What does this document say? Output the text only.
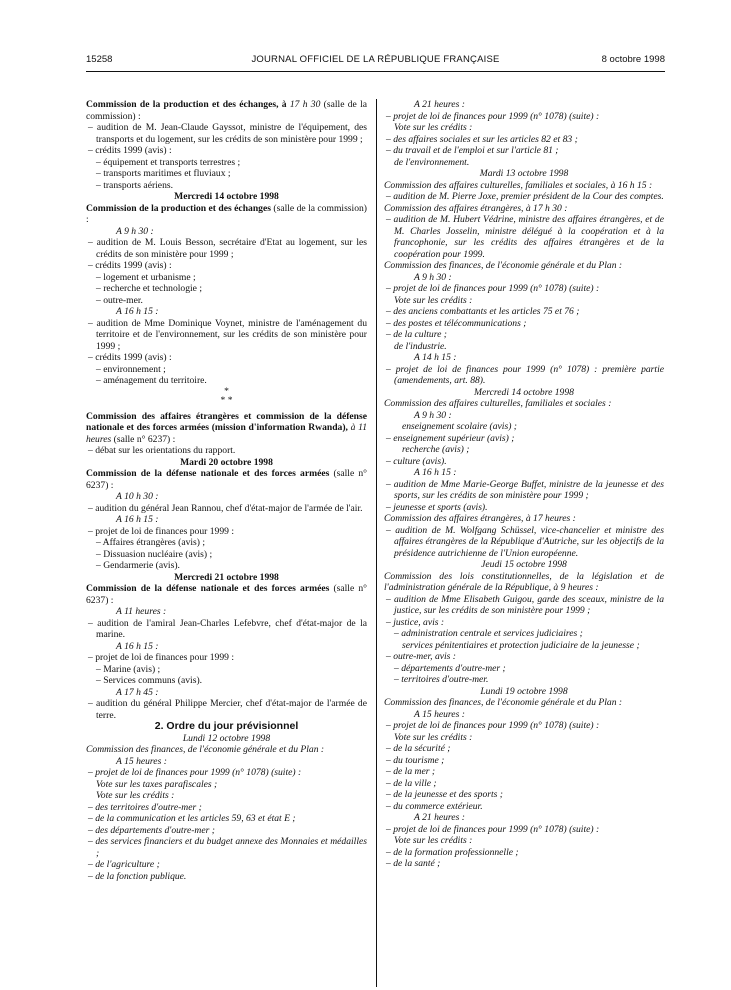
15258	JOURNAL OFFICIEL DE LA RÉPUBLIQUE FRANÇAISE	8 octobre 1998

Commission de la production et des échanges, à 17 h 30 (salle de la commission) :

– audition de M. Jean-Claude Gayssot, ministre de l'équipement, des transports et du logement, sur les crédits de son ministère pour 1999 ;

– crédits 1999 (avis) :

– équipement et transports terrestres ;

– transports maritimes et fluviaux ;

– transports aériens.

Mercredi 14 octobre 1998

Commission de la production et des échanges (salle de la commission) :

A 9 h 30 :

– audition de M. Louis Besson, secrétaire d'Etat au logement, sur les crédits de son ministère pour 1999 ;

– crédits 1999 (avis) :

– logement et urbanisme ;

– recherche et technologie ;

– outre-mer.

A 16 h 15 :

– audition de Mme Dominique Voynet, ministre de l'aménagement du territoire et de l'environnement, sur les crédits de son ministère pour 1999 ;

– crédits 1999 (avis) :

– environnement ;

– aménagement du territoire.

*

* *

Commission des affaires étrangères et commission de la défense nationale et des forces armées (mission d'information Rwanda), à 11 heures (salle n° 6237) :

– débat sur les orientations du rapport.

Mardi 20 octobre 1998

Commission de la défense nationale et des forces armées (salle n° 6237) :

A 10 h 30 :

– audition du général Jean Rannou, chef d'état-major de l'armée de l'air.

A 16 h 15 :

– projet de loi de finances pour 1999 :

– Affaires étrangères (avis) ;

– Dissuasion nucléaire (avis) ;

– Gendarmerie (avis).

Mercredi 21 octobre 1998

Commission de la défense nationale et des forces armées (salle n° 6237) :

A 11 heures :

– audition de l'amiral Jean-Charles Lefebvre, chef d'état-major de la marine.

A 16 h 15 :

– projet de loi de finances pour 1999 :

– Marine (avis) ;

– Services communs (avis).

A 17 h 45 :

– audition du général Philippe Mercier, chef d'état-major de l'armée de terre.

2. Ordre du jour prévisionnel

Lundi 12 octobre 1998

Commission des finances, de l'économie générale et du Plan :

A 15 heures :

– projet de loi de finances pour 1999 (n° 1078) (suite) :

Vote sur les taxes parafiscales ;

Vote sur les crédits :

– des territoires d'outre-mer ;

– de la communication et les articles 59, 63 et état E ;

– des départements d'outre-mer ;

– des services financiers et du budget annexe des Monnaies et médailles ;

– de l'agriculture ;

– de la fonction publique.

A 21 heures :

– projet de loi de finances pour 1999 (n° 1078) (suite) :

Vote sur les crédits :

– des affaires sociales et sur les articles 82 et 83 ;

– du travail et de l'emploi et sur l'article 81 ;

de l'environnement.

Mardi 13 octobre 1998

Commission des affaires culturelles, familiales et sociales, à 16 h 15 :

– audition de M. Pierre Joxe, premier président de la Cour des comptes.

Commission des affaires étrangères, à 17 h 30 :

– audition de M. Hubert Védrine, ministre des affaires étrangères, et de M. Charles Josselin, ministre délégué à la coopération et à la francophonie, sur les crédits des affaires étrangères et de la coopération pour 1999.

Commission des finances, de l'économie générale et du Plan :

A 9 h 30 :

– projet de loi de finances pour 1999 (n° 1078) (suite) :

Vote sur les crédits :

– des anciens combattants et les articles 75 et 76 ;

– des postes et télécommunications ;

– de la culture ;

de l'industrie.

A 14 h 15 :

– projet de loi de finances pour 1999 (n° 1078) : première partie (amendements, art. 88).

Mercredi 14 octobre 1998

Commission des affaires culturelles, familiales et sociales :

A 9 h 30 :

enseignement scolaire (avis) ;

– enseignement supérieur (avis) ;

recherche (avis) ;

– culture (avis).

A 16 h 15 :

– audition de Mme Marie-George Buffet, ministre de la jeunesse et des sports, sur les crédits de son ministère pour 1999 ;

– jeunesse et sports (avis).

Commission des affaires étrangères, à 17 heures :

– audition de M. Wolfgang Schüssel, vice-chancelier et ministre des affaires étrangères de la République d'Autriche, sur les objectifs de la présidence autrichienne de l'Union européenne.

Jeudi 15 octobre 1998

Commission des lois constitutionnelles, de la législation et de l'administration générale de la République, à 9 heures :

– audition de Mme Elisabeth Guigou, garde des sceaux, ministre de la justice, sur les crédits de son ministère pour 1999 ;

– justice, avis :

– administration centrale et services judiciaires ;

services pénitentiaires et protection judiciaire de la jeunesse ;

– outre-mer, avis :

– départements d'outre-mer ;

– territoires d'outre-mer.

Lundi 19 octobre 1998

Commission des finances, de l'économie générale et du Plan :

A 15 heures :

– projet de loi de finances pour 1999 (n° 1078) (suite) :

Vote sur les crédits :

– de la sécurité ;

– du tourisme ;

– de la mer ;

– de la ville ;

– de la jeunesse et des sports ;

– du commerce extérieur.

A 21 heures :

– projet de loi de finances pour 1999 (n° 1078) (suite) :

Vote sur les crédits :

– de la formation professionnelle ;

– de la santé ;
